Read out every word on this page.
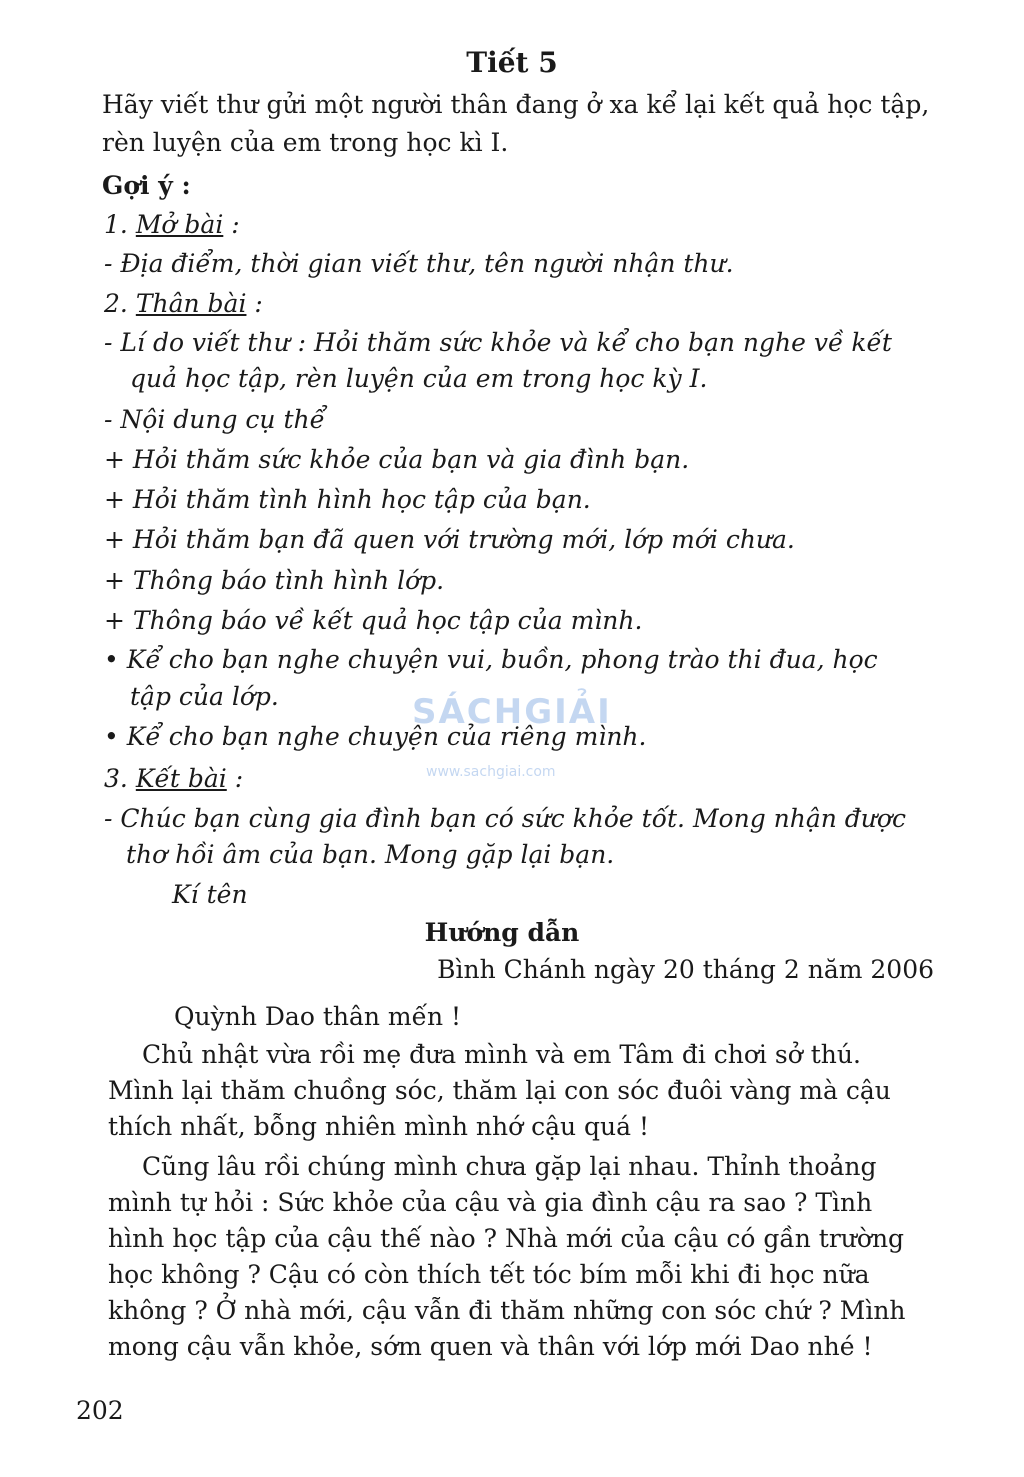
Tiết 5
Hãy viết thư gửi một người thân đang ở xa kể lại kết quả học tập,
rèn luyện của em trong học kì I.
Gợi ý :
1. Mở bài :
- Địa điểm, thời gian viết thư, tên người nhận thư.
2. Thân bài :
- Lí do viết thư : Hỏi thăm sức khỏe và kể cho bạn nghe về kết
quả học tập, rèn luyện của em trong học kỳ I.
- Nội dung cụ thể
+ Hỏi thăm sức khỏe của bạn và gia đình bạn.
+ Hỏi thăm tình hình học tập của bạn.
+ Hỏi thăm bạn đã quen với trường mới, lớp mới chưa.
+ Thông báo tình hình lớp.
+ Thông báo về kết quả học tập của mình.
• Kể cho bạn nghe chuyện vui, buồn, phong trào thi đua, học
tập của lớp.
• Kể cho bạn nghe chuyện của riêng mình.
3. Kết bài :
- Chúc bạn cùng gia đình bạn có sức khỏe tốt. Mong nhận được
thơ hồi âm của bạn. Mong gặp lại bạn.
Kí tên
Hướng dẫn
Bình Chánh ngày 20 tháng 2 năm 2006
Quỳnh Dao thân mến !
Chủ nhật vừa rồi mẹ đưa mình và em Tâm đi chơi sở thú.
Mình lại thăm chuồng sóc, thăm lại con sóc đuôi vàng mà cậu
thích nhất, bỗng nhiên mình nhớ cậu quá !
Cũng lâu rồi chúng mình chưa gặp lại nhau. Thỉnh thoảng
mình tự hỏi : Sức khỏe của cậu và gia đình cậu ra sao ? Tình
hình học tập của cậu thế nào ? Nhà mới của cậu có gần trường
học không ? Cậu có còn thích tết tóc bím mỗi khi đi học nữa
không ? Ở nhà mới, cậu vẫn đi thăm những con sóc chứ ? Mình
mong cậu vẫn khỏe, sớm quen và thân với lớp mới Dao nhé !
SÁCHGIẢI
www.sachgiai.com
202
